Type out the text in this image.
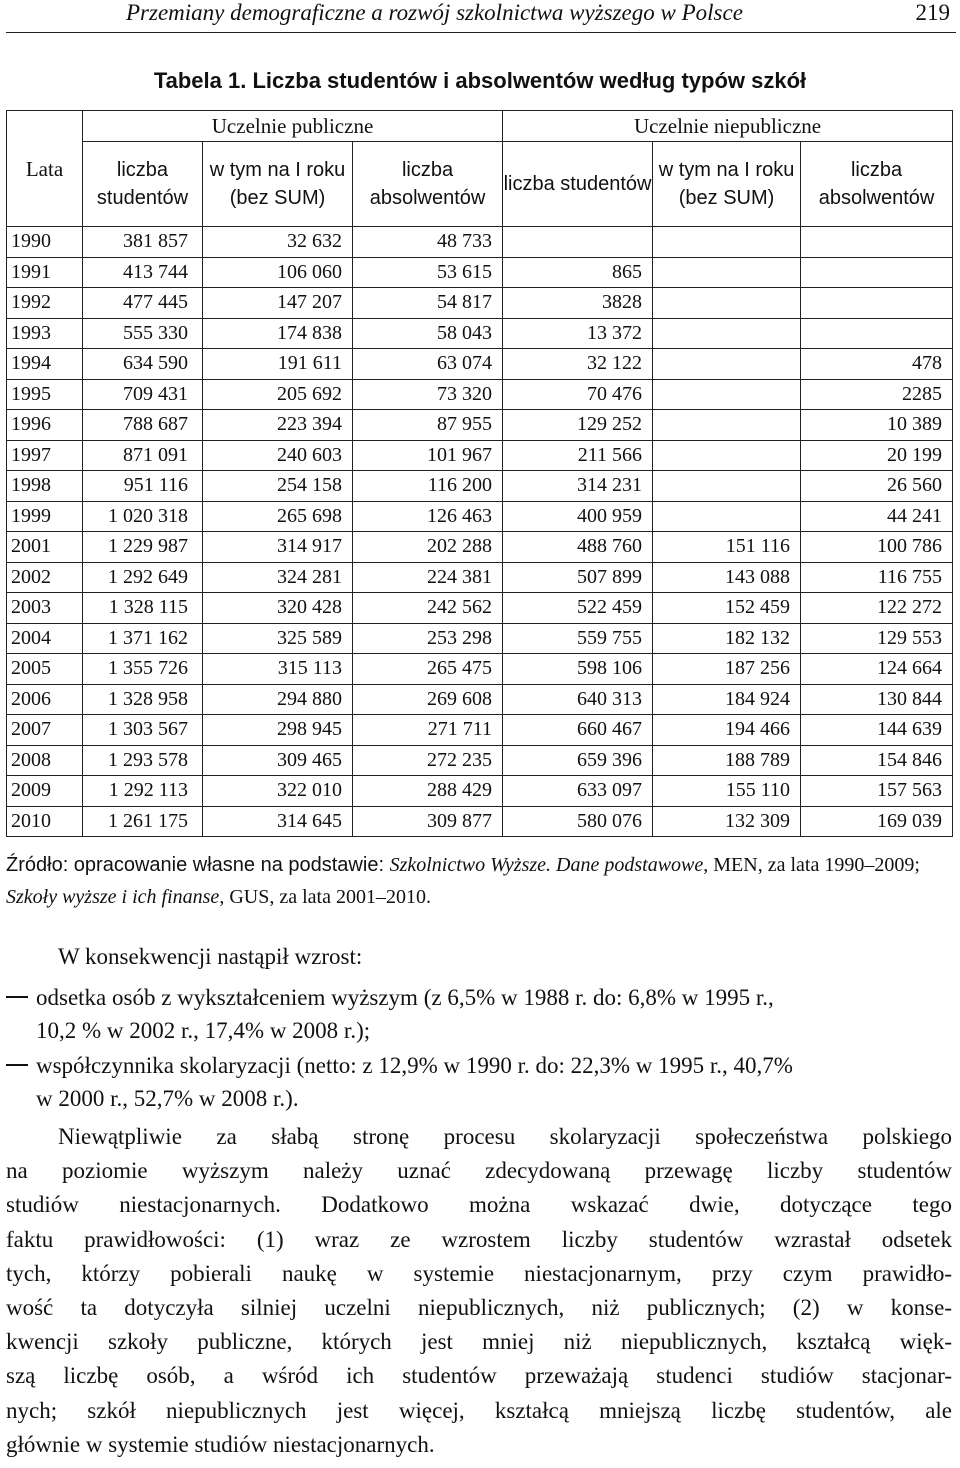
Przemiany demograficzne a rozwój szkolnictwa wyższego w Polsce	219
Tabela 1. Liczba studentów i absolwentów według typów szkół
Lata	Uczelnie publiczne			Uczelnie niepubliczne		
	liczba studentów	w tym na I roku (bez SUM)	liczba absolwentów	liczba studentów	w tym na I roku (bez SUM)	liczba absolwentów
1990	381 857	32 632	48 733			
1991	413 744	106 060	53 615	865		
1992	477 445	147 207	54 817	3828		
1993	555 330	174 838	58 043	13 372		
1994	634 590	191 611	63 074	32 122		478
1995	709 431	205 692	73 320	70 476		2285
1996	788 687	223 394	87 955	129 252		10 389
1997	871 091	240 603	101 967	211 566		20 199
1998	951 116	254 158	116 200	314 231		26 560
1999	1 020 318	265 698	126 463	400 959		44 241
2001	1 229 987	314 917	202 288	488 760	151 116	100 786
2002	1 292 649	324 281	224 381	507 899	143 088	116 755
2003	1 328 115	320 428	242 562	522 459	152 459	122 272
2004	1 371 162	325 589	253 298	559 755	182 132	129 553
2005	1 355 726	315 113	265 475	598 106	187 256	124 664
2006	1 328 958	294 880	269 608	640 313	184 924	130 844
2007	1 303 567	298 945	271 711	660 467	194 466	144 639
2008	1 293 578	309 465	272 235	659 396	188 789	154 846
2009	1 292 113	322 010	288 429	633 097	155 110	157 563
2010	1 261 175	314 645	309 877	580 076	132 309	169 039
Źródło: opracowanie własne na podstawie: Szkolnictwo Wyższe. Dane podstawowe, MEN, za lata 1990–2009; Szkoły wyższe i ich finanse, GUS, za lata 2001–2010.
W konsekwencji nastąpił wzrost:
odsetka osób z wykształceniem wyższym (z 6,5% w 1988 r. do: 6,8% w 1995 r.,
10,2 % w 2002 r., 17,4% w 2008 r.);
współczynnika skolaryzacji (netto: z 12,9% w 1990 r. do: 22,3% w 1995 r., 40,7%
w 2000 r., 52,7% w 2008 r.).
Niewątpliwie za słabą stronę procesu skolaryzacji społeczeństwa polskiego
na poziomie wyższym należy uznać zdecydowaną przewagę liczby studentów
studiów niestacjonarnych. Dodatkowo można wskazać dwie, dotyczące tego
faktu prawidłowości: (1) wraz ze wzrostem liczby studentów wzrastał odsetek
tych, którzy pobierali naukę w systemie niestacjonarnym, przy czym prawidło-
wość ta dotyczyła silniej uczelni niepublicznych, niż publicznych; (2) w konse-
kwencji szkoły publiczne, których jest mniej niż niepublicznych, kształcą więk-
szą liczbę osób, a wśród ich studentów przeważają studenci studiów stacjonar-
nych; szkół niepublicznych jest więcej, kształcą mniejszą liczbę studentów, ale
głównie w systemie studiów niestacjonarnych.
